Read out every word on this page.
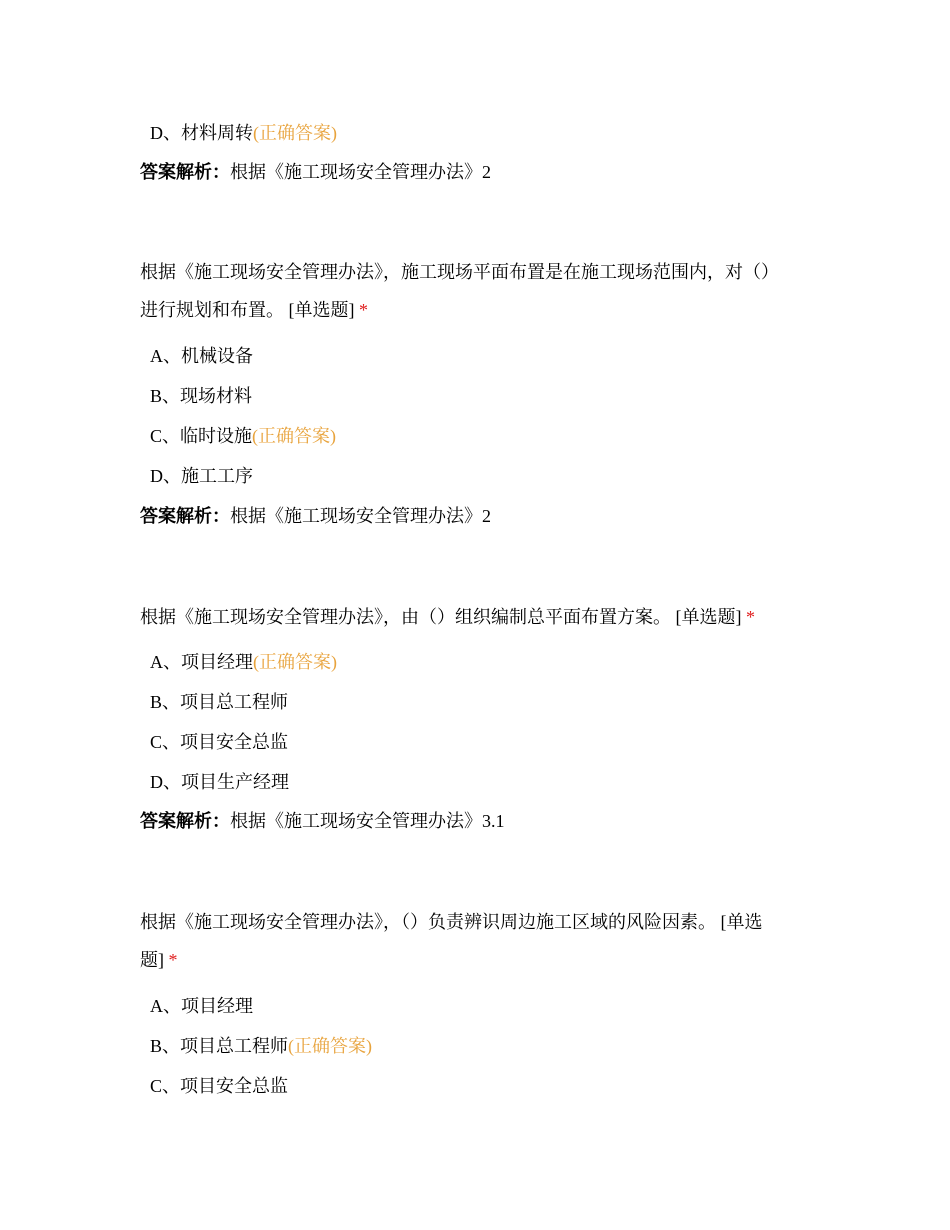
D、材料周转(正确答案)
答案解析：根据《施工现场安全管理办法》2
根据《施工现场安全管理办法》，施工现场平面布置是在施工现场范围内，对（）
进行规划和布置。 [单选题] *
A、机械设备
B、现场材料
C、临时设施(正确答案)
D、施工工序
答案解析：根据《施工现场安全管理办法》2
根据《施工现场安全管理办法》，由（）组织编制总平面布置方案。 [单选题] *
A、项目经理(正确答案)
B、项目总工程师
C、项目安全总监
D、项目生产经理
答案解析：根据《施工现场安全管理办法》3.1
根据《施工现场安全管理办法》，（）负责辨识周边施工区域的风险因素。 [单选
题] *
A、项目经理
B、项目总工程师(正确答案)
C、项目安全总监
